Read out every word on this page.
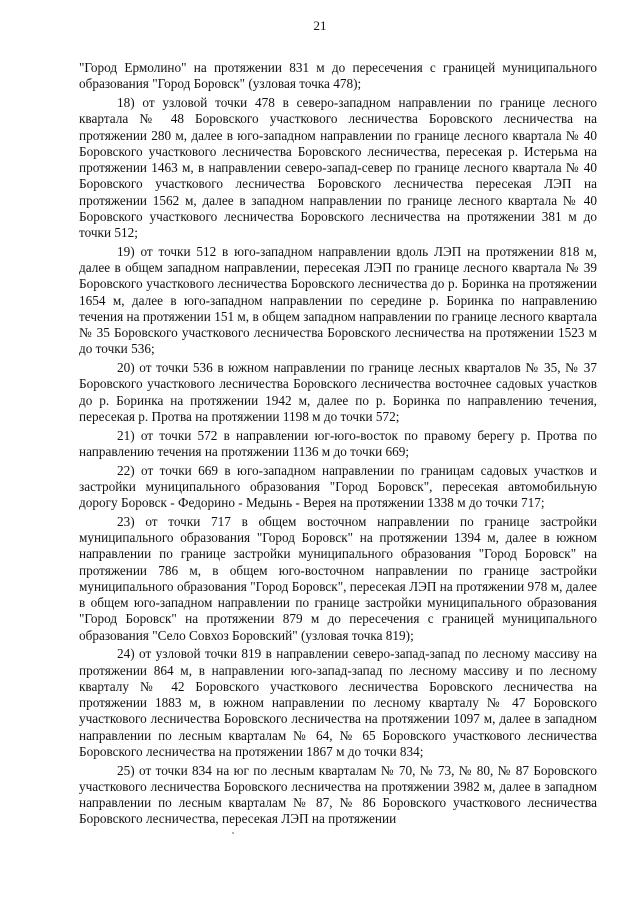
21

"Город Ермолино" на протяжении 831 м до пересечения с границей муниципального образования "Город Боровск" (узловая точка 478);

18) от узловой точки 478 в северо-западном направлении по границе лесного квартала № 48 Боровского участкового лесничества Боровского лесничества на протяжении 280 м, далее в юго-западном направлении по границе лесного квартала № 40 Боровского участкового лесничества Боровского лесничества, пересекая р. Истерьма на протяжении 1463 м, в направлении северо-запад-север по границе лесного квартала № 40 Боровского участкового лесничества Боровского лесничества пересекая ЛЭП на протяжении 1562 м, далее в западном направлении по границе лесного квартала № 40 Боровского участкового лесничества Боровского лесничества на протяжении 381 м до точки 512;

19) от точки 512 в юго-западном направлении вдоль ЛЭП на протяжении 818 м, далее в общем западном направлении, пересекая ЛЭП по границе лесного квартала № 39 Боровского участкового лесничества Боровского лесничества до р. Боринка на протяжении 1654 м, далее в юго-западном направлении по середине р. Боринка по направлению течения на протяжении 151 м, в общем западном направлении по границе лесного квартала № 35 Боровского участкового лесничества Боровского лесничества на протяжении 1523 м до точки 536;

20) от точки 536 в южном направлении по границе лесных кварталов № 35, № 37 Боровского участкового лесничества Боровского лесничества восточнее садовых участков до р. Боринка на протяжении 1942 м, далее по р. Боринка по направлению течения, пересекая р. Протва на протяжении 1198 м до точки 572;

21) от точки 572 в направлении юг-юго-восток по правому берегу р. Протва по направлению течения на протяжении 1136 м до точки 669;

22) от точки 669 в юго-западном направлении по границам садовых участков и застройки муниципального образования "Город Боровск", пересекая автомобильную дорогу Боровск - Федорино - Медынь - Верея на протяжении 1338 м до точки 717;

23) от точки 717 в общем восточном направлении по границе застройки муниципального образования "Город Боровск" на протяжении 1394 м, далее в южном направлении по границе застройки муниципального образования "Город Боровск" на протяжении 786 м, в общем юго-восточном направлении по границе застройки муниципального образования "Город Боровск", пересекая ЛЭП на протяжении 978 м, далее в общем юго-западном направлении по границе застройки муниципального образования "Город Боровск" на протяжении 879 м до пересечения с границей муниципального образования "Село Совхоз Боровский" (узловая точка 819);

24) от узловой точки 819 в направлении северо-запад-запад по лесному массиву на протяжении 864 м, в направлении юго-запад-запад по лесному массиву и по лесному кварталу № 42 Боровского участкового лесничества Боровского лесничества на протяжении 1883 м, в южном направлении по лесному кварталу № 47 Боровского участкового лесничества Боровского лесничества на протяжении 1097 м, далее в западном направлении по лесным кварталам № 64, № 65 Боровского участкового лесничества Боровского лесничества на протяжении 1867 м до точки 834;

25) от точки 834 на юг по лесным кварталам № 70, № 73, № 80, № 87 Боровского участкового лесничества Боровского лесничества на протяжении 3982 м, далее в западном направлении по лесным кварталам № 87, № 86 Боровского участкового лесничества Боровского лесничества, пересекая ЛЭП на протяжении
